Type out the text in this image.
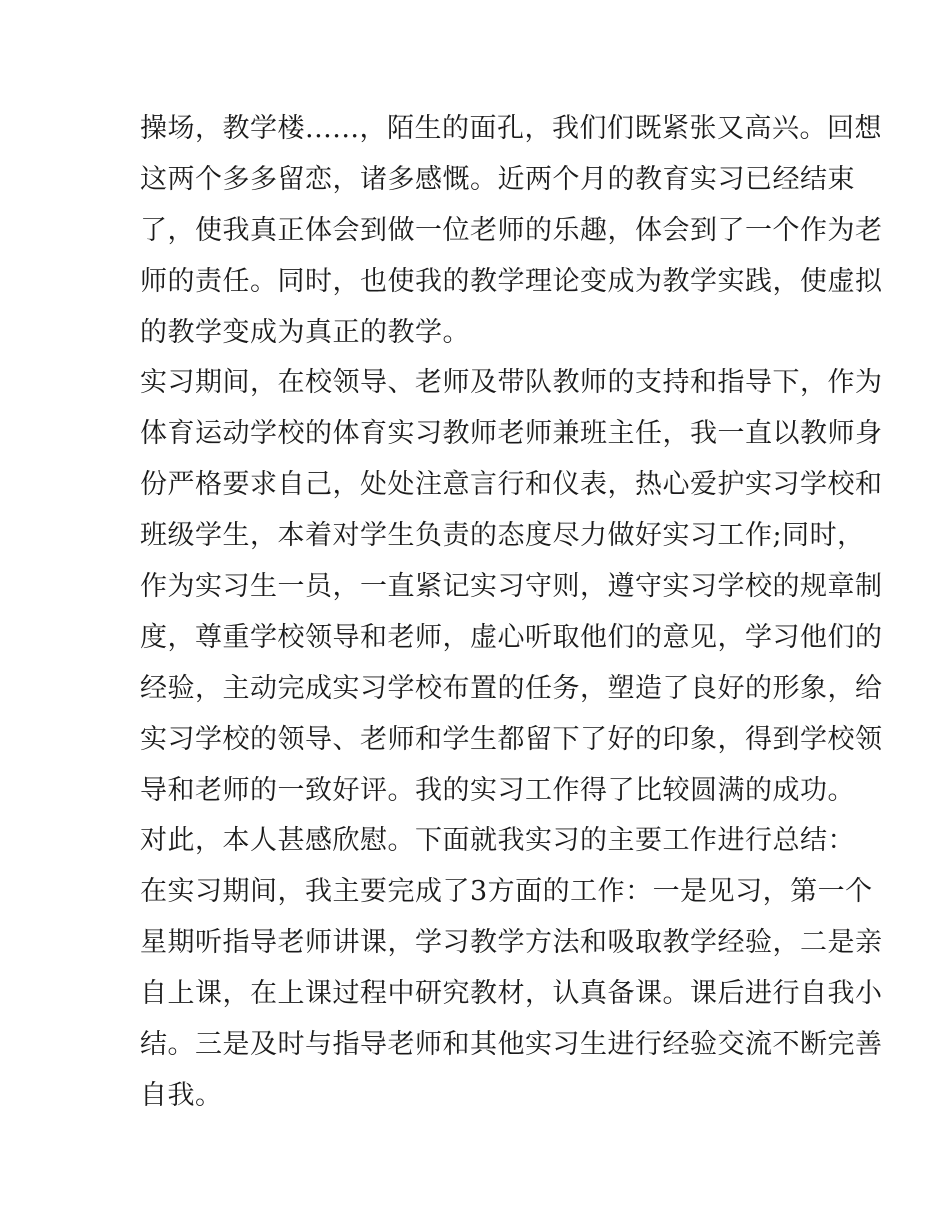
操场，教学楼......，陌生的面孔，我们们既紧张又高兴。回想
这两个多多留恋，诸多感慨。近两个月的教育实习已经结束
了，使我真正体会到做一位老师的乐趣，体会到了一个作为老
师的责任。同时，也使我的教学理论变成为教学实践，使虚拟
的教学变成为真正的教学。
实习期间，在校领导、老师及带队教师的支持和指导下，作为
体育运动学校的体育实习教师老师兼班主任，我一直以教师身
份严格要求自己，处处注意言行和仪表，热心爱护实习学校和
班级学生，本着对学生负责的态度尽力做好实习工作;同时，
作为实习生一员，一直紧记实习守则，遵守实习学校的规章制
度，尊重学校领导和老师，虚心听取他们的意见，学习他们的
经验，主动完成实习学校布置的任务，塑造了良好的形象，给
实习学校的领导、老师和学生都留下了好的印象，得到学校领
导和老师的一致好评。我的实习工作得了比较圆满的成功。
对此，本人甚感欣慰。下面就我实习的主要工作进行总结：
在实习期间，我主要完成了3方面的工作：一是见习，第一个
星期听指导老师讲课，学习教学方法和吸取教学经验，二是亲
自上课，在上课过程中研究教材，认真备课。课后进行自我小
结。三是及时与指导老师和其他实习生进行经验交流不断完善
自我。
